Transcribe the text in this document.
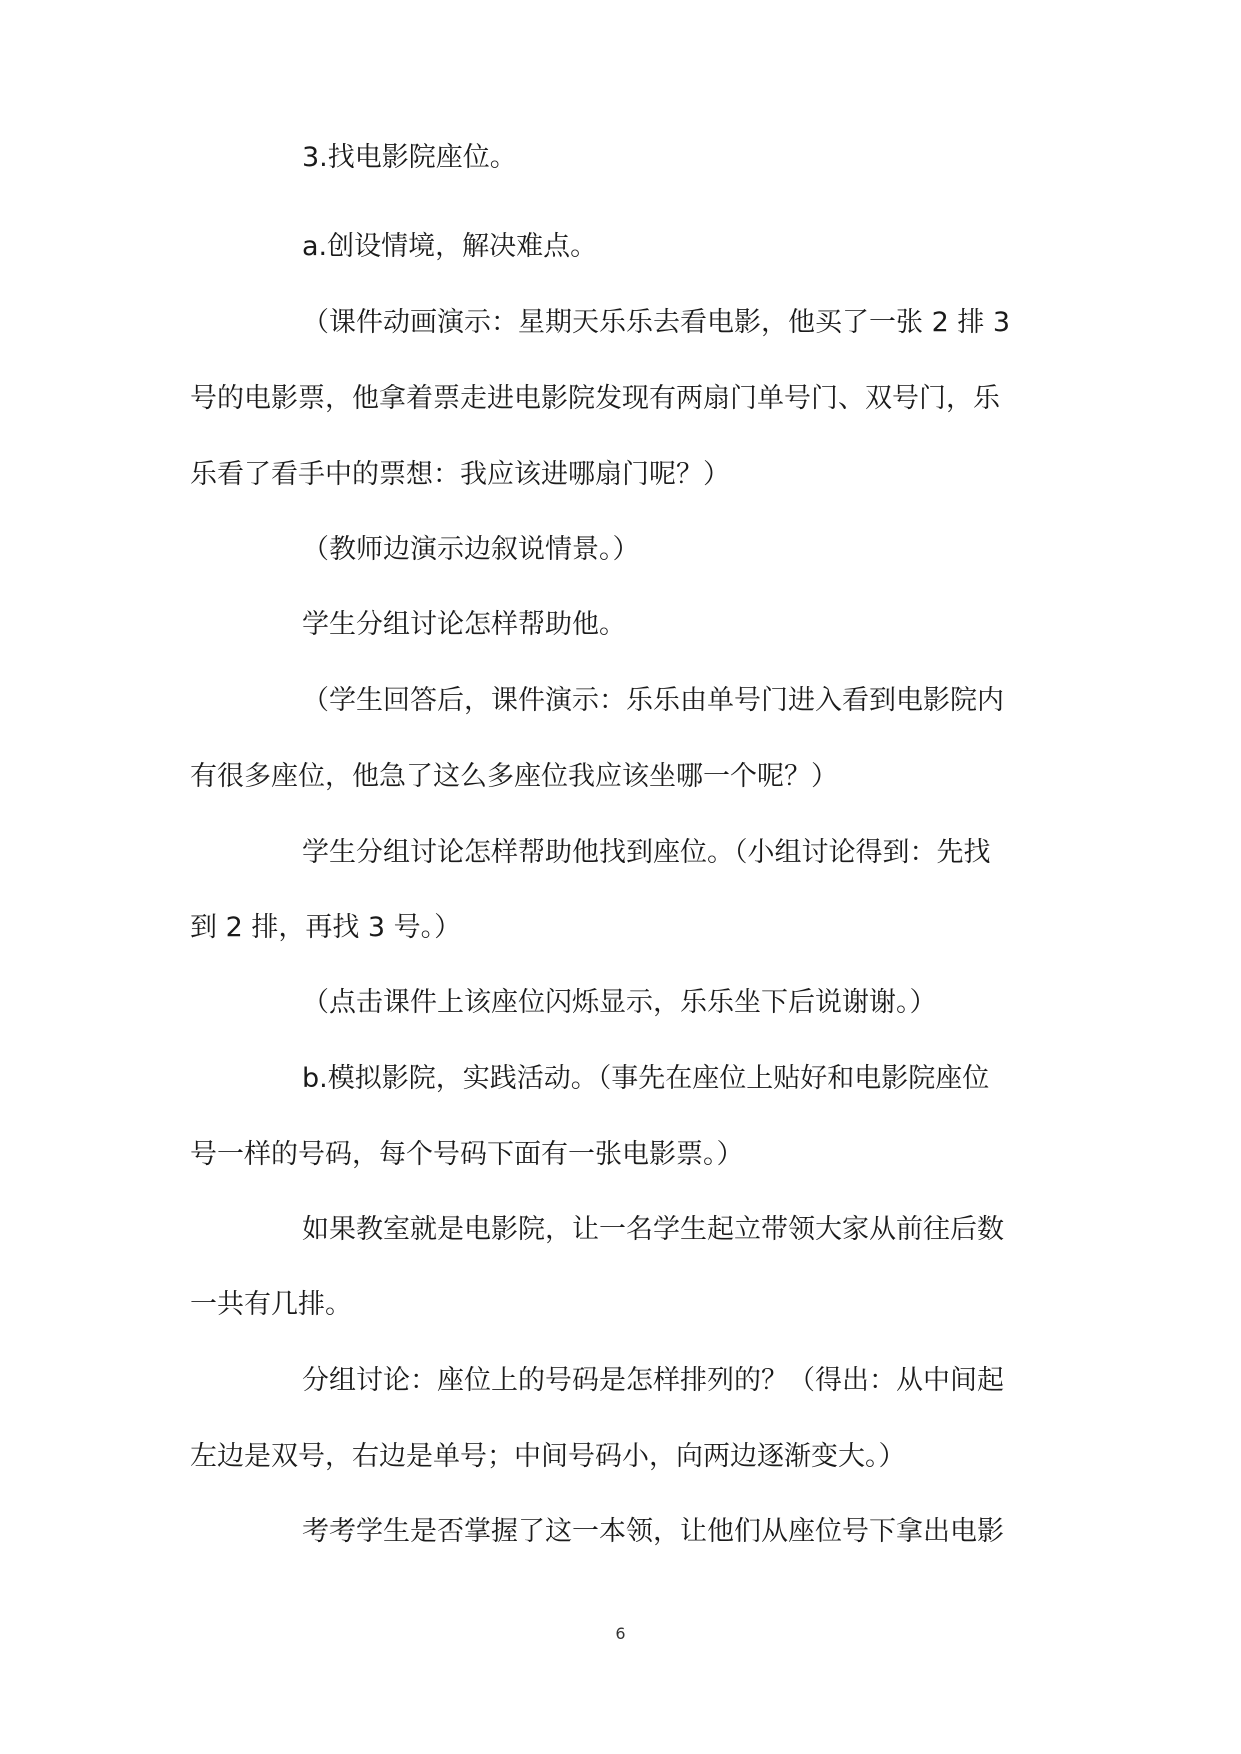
3.找电影院座位。
a.创设情境，解决难点。
（课件动画演示：星期天乐乐去看电影，他买了一张 2 排 3
号的电影票，他拿着票走进电影院发现有两扇门单号门、双号门，乐
乐看了看手中的票想：我应该进哪扇门呢？）
（教师边演示边叙说情景。）
学生分组讨论怎样帮助他。
（学生回答后，课件演示：乐乐由单号门进入看到电影院内
有很多座位，他急了这么多座位我应该坐哪一个呢？）
学生分组讨论怎样帮助他找到座位。（小组讨论得到：先找
到 2 排，再找 3 号。）
（点击课件上该座位闪烁显示，乐乐坐下后说谢谢。）
b.模拟影院，实践活动。（事先在座位上贴好和电影院座位
号一样的号码，每个号码下面有一张电影票。）
如果教室就是电影院，让一名学生起立带领大家从前往后数
一共有几排。
分组讨论：座位上的号码是怎样排列的？（得出：从中间起
左边是双号，右边是单号；中间号码小，向两边逐渐变大。）
考考学生是否掌握了这一本领，让他们从座位号下拿出电影
6
